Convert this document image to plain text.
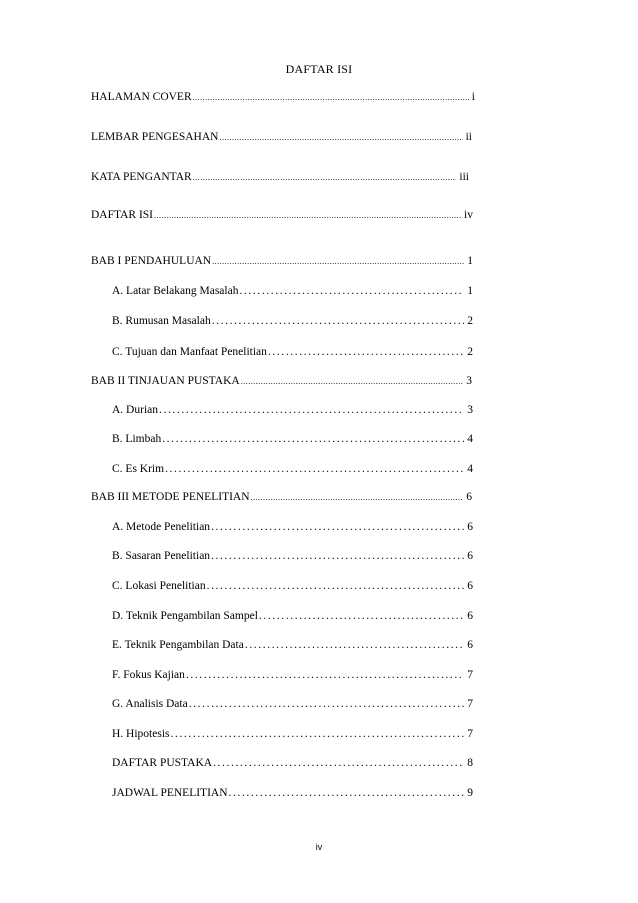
DAFTAR ISI
HALAMAN COVER .....	i
LEMBAR PENGESAHAN .....	ii
KATA PENGANTAR .....	iii
DAFTAR ISI .....	iv
BAB I PENDAHULUAN .....	1
A. Latar Belakang Masalah .....	1
B. Rumusan Masalah .....	2
C. Tujuan dan Manfaat Penelitian .....	2
BAB II TINJAUAN PUSTAKA .....	3
A. Durian .....	3
B. Limbah .....	4
C. Es Krim .....	4
BAB III METODE PENELITIAN .....	6
A. Metode Penelitian .....	6
B. Sasaran Penelitian .....	6
C. Lokasi Penelitian .....	6
D. Teknik Pengambilan Sampel .....	6
E. Teknik Pengambilan Data .....	6
F. Fokus Kajian .....	7
G. Analisis Data .....	7
H. Hipotesis .....	7
DAFTAR PUSTAKA .....	8
JADWAL PENELITIAN .....	9
iv
